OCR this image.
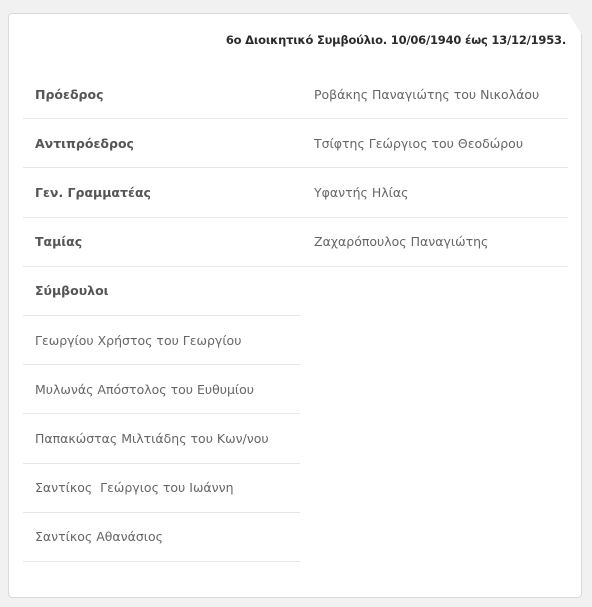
6ο Διοικητικό Συμβούλιο. 10/06/1940 έως 13/12/1953.
Πρόεδρος
Αντιπρόεδρος
Γεν. Γραμματέας
Ταμίας
Σύμβουλοι
Γεωργίου Χρήστος του Γεωργίου
Μυλωνάς Απόστολος του Ευθυμίου
Παπακώστας Μιλτιάδης του Κων/νου
Σαντίκος  Γεώργιος του Ιωάννη
Σαντίκος Αθανάσιος
Ροβάκης Παναγιώτης του Νικολάου
Τσίφτης Γεώργιος του Θεοδώρου
Υφαντής Ηλίας
Ζαχαρόπουλος Παναγιώτης
